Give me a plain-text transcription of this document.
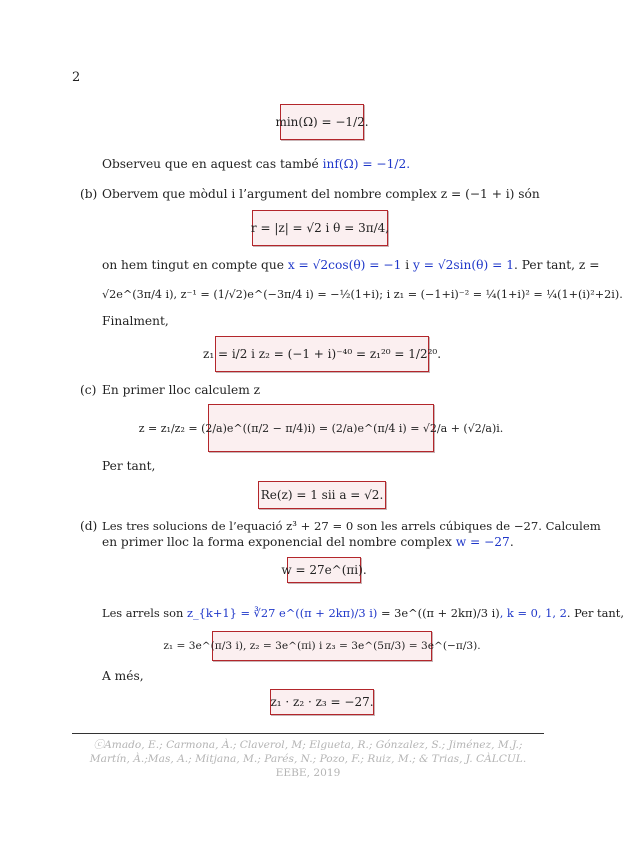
2
min(Ω) = −1/2.
Observeu que en aquest cas també inf(Ω) = −1/2.
(b) Obervem que mòdul i l’argument del nombre complex z = (−1 + i) són
r = |z| = √2 i θ = 3π/4,
on hem tingut en compte que x = √2cos(θ) = −1 i y = √2sin(θ) = 1. Per tant, z =
√2e^(3π/4 i), z⁻¹ = (1/√2)e^(−3π/4 i) = −½(1+i); i z₁ = (−1+i)⁻² = ¼(1+i)² = ¼(1+(i)²+2i).
Finalment,
z₁ = i/2 i z₂ = (−1 + i)⁻⁴⁰ = z₁²⁰ = 1/2²⁰.
(c) En primer lloc calculem z
z = z₁/z₂ = (2/a)e^((π/2 − π/4)i) = (2/a)e^(π/4 i) = √2/a + (√2/a)i.
Per tant,
Re(z) = 1 sii a = √2.
(d) Les tres solucions de l’equació z³ + 27 = 0 son les arrels cúbiques de −27. Calculem
en primer lloc la forma exponencial del nombre complex w = −27.
w = 27e^(πi).
Les arrels son z_{k+1} = ∛27 e^((π + 2kπ)/3 i) = 3e^((π + 2kπ)/3 i), k = 0, 1, 2. Per tant,
z₁ = 3e^(π/3 i), z₂ = 3e^(πi) i z₃ = 3e^(5π/3) = 3e^(−π/3).
A més,
z₁ · z₂ · z₃ = −27.
ⓒAmado, E.; Carmona, À.; Claverol, M; Elgueta, R.; Gónzalez, S.; Jiménez, M.J.;
Martín, À.;Mas, A.; Mitjana, M.; Parés, N.; Pozo, F.; Ruiz, M.; & Trias, J. CÀLCUL.
EEBE, 2019
